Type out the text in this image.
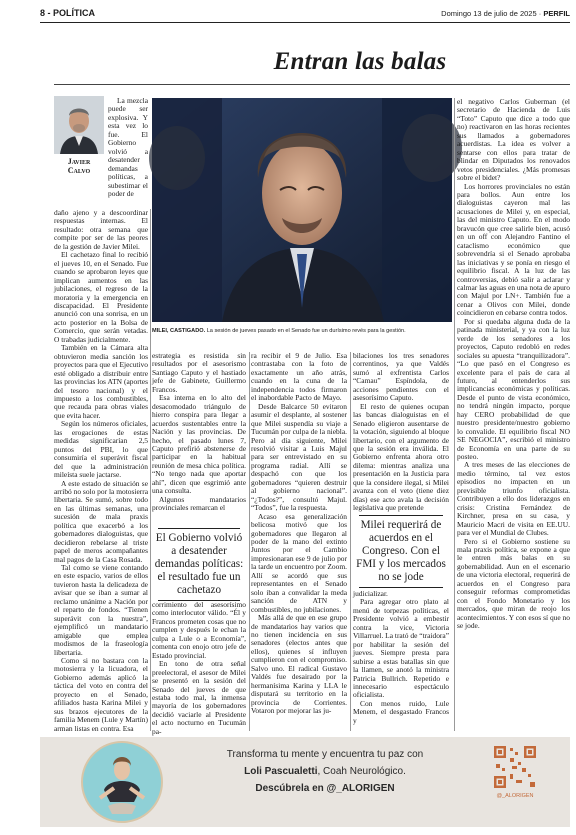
8 - POLÍTICA	Domingo 13 de julio de 2025 · PERFIL
Entran las balas
Javier
Calvo
La mezcla puede ser explosiva. Y esta vez lo fue. El Gobierno volvió a desatender demandas políticas, a subestimar el poder de

daño ajeno y a descoordinar respuestas internas. El resultado: otra semana que compite por ser de las peores de la gestión de Javier Milei.

El cachetazo final lo recibió el jueves 10, en el Senado. Fue cuando se aprobaron leyes que implican aumentos en las jubilaciones, el regreso de la moratoria y la emergencia en discapacidad. El Presidente anunció con una sonrisa, en un acto posterior en la Bolsa de Comercio, que serán vetadas. O trabadas judicialmente.

También en la Cámara alta obtuvieron media sanción los proyectos para que el Ejecutivo esté obligado a distribuir entre las provincias los ATN (aportes del tesoro nacional) y el impuesto a los combustibles, que recauda para obras viales que evita hacer.

Según los números oficiales, las erogaciones de estas medidas significarían 2,5 puntos del PBI, lo que consumiría el superávit fiscal del que la administración mileísta suele jactarse.

A este estado de situación se arribó no solo por la motosierra libertaria. Se sumó, sobre todo en las últimas semanas, una sucesión de mala praxis política que exacerbó a los gobernadores dialoguistas, que decidieron rebelarse al triste papel de meros acompañantes mal pagos de la Casa Rosada.

Tal como se viene contando en este espacio, varios de ellos tuvieron hasta la delicadeza de avisar que se iban a sumar al reclamo unánime a Nación por el reparto de fondos. “Tienen superávit con la nuestra”, ejemplificó un mandatario amigable que emplea modismos de la fraseología libertaria.

Como si no bastara con la motosierra y la licuadora, el Gobierno además aplicó la táctica del voto en contra del proyecto en el Senado, afiliados hasta Karina Milei y sus brazos ejecutores de la familia Menem (Lule y Martín) arman listas en contra. Esa

MILEI, CASTIGADO. La sesión de jueves pasado en el Senado fue un durísimo revés para la gestión.

estrategia es resistida sin resultados por el asesorismo Santiago Caputo y el hastiado jefe de Gabinete, Guillermo Francos.

Esa interna en lo alto del desacomodado triángulo de hierro conspira para llegar a acuerdos sustentables entre la Nación y las provincias. De hecho, el pasado lunes 7, Caputo prefirió abstenerse de participar en la habitual reunión de mesa chica política. “No tengo nada que aportar ahí”, dicen que esgrimió ante una consulta.

Algunos mandatarios provinciales remarcan el

El Gobierno volvió a desatender demandas políticas: el resultado fue un cachetazo

corrimiento del asesorísimo como interlocutor válido. “Él y Francos prometen cosas que no cumplen y después le echan la culpa a Lule o a Economía”, comenta con enojo otro jefe de Estado provincial.

En tono de otra señal preelectoral, el asesor de Milei se presentó en la sesión del Senado del jueves de que estaba todo mal, la inmensa mayoría de los gobernadores decidió vaciarle al Presidente el acto nocturno en Tucumán pa-

ra recibir el 9 de Julio. Esa contrastaba con la foto de exactamente un año atrás, cuando en la cuna de la independencia todos firmaron el inabordable Pacto de Mayo.

Desde Balcarce 50 evitaron asumir el desplante, al sostener que Milei suspendía su viaje a Tucumán por culpa de la niebla. Pero al día siguiente, Milei resolvió visitar a Luis Majul para ser entrevistado en su programa radial. Allí se despachó con que los gobernadores “quieren destruir al gobierno nacional”. “¿Todos?”, consultó Majul. “Todos”, fue la respuesta.

Acaso esa generalización belicosa motivó que los gobernadores que llegaron al poder de la mano del extinto Juntos por el Cambio impresionaran ese 9 de julio por la tarde un encuentro por Zoom. Allí se acordó que sus representantes en el Senado solo iban a convalidar la meda sanción de ATN y combustibles, no jubilaciones.

Más allá de que en ese grupo de mandatarios hay varios que no tienen incidencia en sus senadores (electos antes que ellos), quienes sí influyen cumplieron con el compromiso. Salvo uno. El radical Gustavo Valdés fue desairado por la hermanísima Karina y LLA le disputará su territorio en la provincia de Corrientes. Votaron por mejorar las ju-

bilaciones los tres senadores correntinos, ya que Valdés sumó al exfrentista Carlos “Camau” Espíndola, de acciones pendientes con el asesorísimo Caputo.

El resto de quienes ocupan las bancas dialoguistas en el Senado eligieron ausentarse de la votación, siguiendo al bloque libertario, con el argumento de que la sesión era inválida. El Gobierno enfrenta ahora otro dilema: mientras analiza una presentación en la Justicia para que la considere ilegal, si Milei avanza con el veto (tiene diez días) ese acto avala la decisión legislativa que pretende

Milei requerirá de acuerdos en el Congreso. Con el FMI y los mercados no se jode

judicializar.

Para agregar otro plato al menú de torpezas políticas, el Presidente volvió a embestir contra la vice, Victoria Villarruel. La trató de “traidora” por habilitar la sesión del jueves. Siempre presta para subirse a estas batallas sin que la llamen, se anotó la ministra Patricia Bullrich. Repetido e innecesario espectáculo oficialista.

Con menos ruido, Lule Menem, el desgastado Francos y

el negativo Carlos Guberman (el secretario de Hacienda de Luis “Toto” Caputo que dice a todo que no) reactivaron en las horas recientes sus llamados a gobernadores acuerdistas. La idea es volver a sentarse con ellos para tratar de blindar en Diputados los renovados vetos presidenciales. ¿Más promesas sobre el bidet?

Los horrores provinciales no están para bollos. Aun entre los dialoguistas cayeron mal las acusaciones de Milei y, en especial, las del ministro Caputo. En el modo bravucón que cree salirle bien, acusó en un off con Alejandro Fantino el cataclismo económico que sobrevendría si el Senado aprobaba las iniciativas y se ponía en riesgo el equilibrio fiscal. A la luz de las controversias, debió salir a aclarar y calmar las aguas en una nota de apuro con Majul por LN+. También fue a cenar a Olivos con Milei, donde coincidieron en cebarse contra todos.

Por si quedaba alguna duda de la patinada ministerial, y ya con la luz verde de los senadores a los proyectos, Caputo redobló en redes sociales su apuesta “tranquilizadora”. “Lo que pasó en el Congreso es excelente para el país de cara al futuro, al entenderlos sus implicancias económicas y políticas. Desde el punto de vista económico, no tendrá ningún impacto, porque hay CERO probabilidad de que nuestro presidente/nuestro gobierno lo convalide. El equilibrio fiscal NO SE NEGOCIA”, escribió el ministro de Economía en una parte de su posteo.

A tres meses de las elecciones de medio término, tal vez estos episodios no impacten en un previsible triunfo oficialista. Contribuyen a ello dos liderazgos en crisis: Cristina Fernández de Kirchner, presa en su casa, y Mauricio Macri de visita en EE.UU. para ver el Mundial de Clubes.

Pero si el Gobierno sostiene su mala praxis política, se expone a que le entren más balas en su gobernabilidad. Aun en el escenario de una victoria electoral, requerirá de acuerdos en el Congreso para conseguir reformas comprometidas con el Fondo Monetario y los mercados, que miran de reojo los acontecimientos. Y con esos sí que no se jode.

Transforma tu mente y encuentra tu paz con
Loli Pascualetti, Coah Neurológico.
Descúbrela en @_ALORIGEN
@_ALORIGEN
